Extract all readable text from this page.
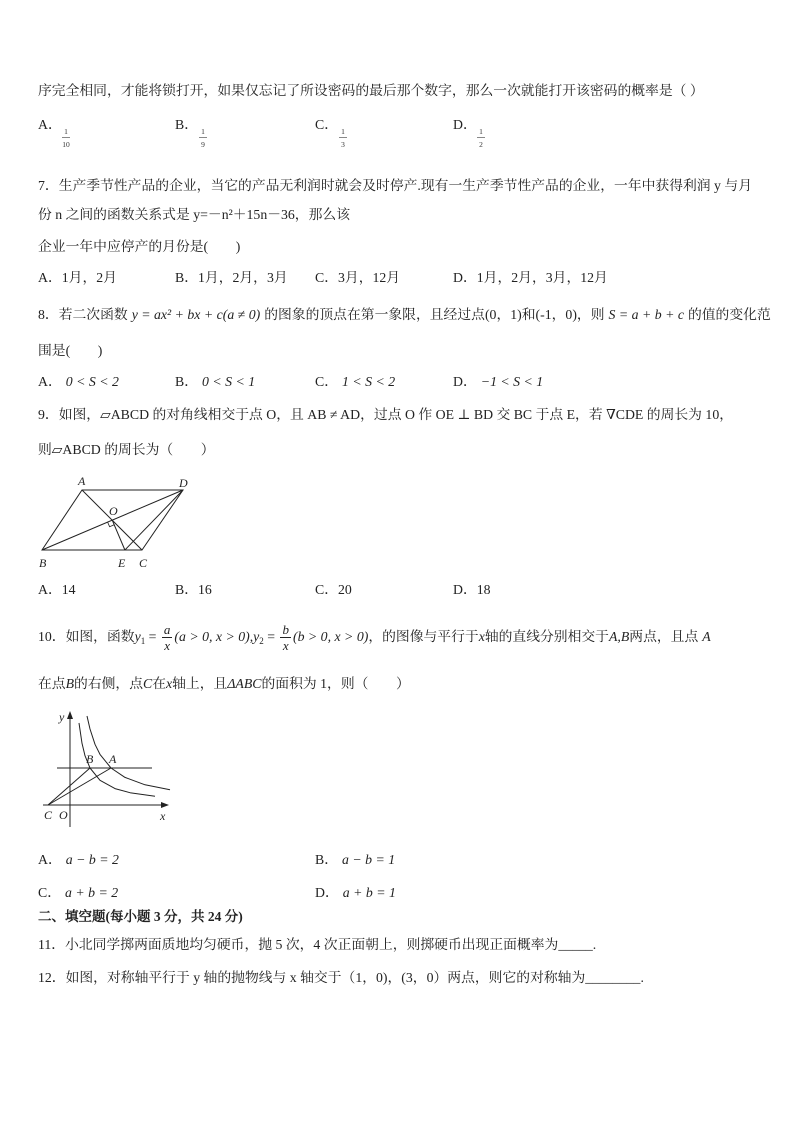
序完全相同，才能将锁打开，如果仅忘记了所设密码的最后那个数字，那么一次就能打开该密码的概率是（ ）
A．
$\frac{1}{10}$
B．
$\frac{1}{9}$
C．
$\frac{1}{3}$
D．
$\frac{1}{2}$
7．生产季节性产品的企业，当它的产品无利润时就会及时停产.现有一生产季节性产品的企业，一年中获得利润 y 与月
份 n 之间的函数关系式是 y=－n²＋15n－36，那么该
企业一年中应停产的月份是(　　)
A．1月，2月	B．1月，2月，3月 C．3月，12月	D．1月，2月，3月，12月
8．若二次函数 y = ax² + bx + c(a ≠ 0) 的图象的顶点在第一象限，且经过点(0，1)和(-1，0)，则 S = a + b + c 的值的变化范
围是(　　)
A． 0 < S < 2	B． 0 < S < 1	C． 1 < S < 2	D． −1 < S < 1
9．如图，▱ABCD 的对角线相交于点 O，且 AB ≠ AD，过点 O 作 OE ⊥ BD 交 BC 于点 E，若 ∇CDE 的周长为 10，
则▱ABCD 的周长为（　　）
A	D
O
B	E C
A．14	B．16	C．20	D．18
10．如图，函数$y_1 = \frac{a}{x} (a > 0$, $x > 0),y_2 = \frac{b}{x} (b > 0$, x > 0)，的图像与平行于x轴的直线分别相交于A,B两点，且点 A
在点B的右侧，点C在x轴上，且ΔABC的面积为 1，则（　　）
y
x
B A
C O
A． a − b = 2	B． a − b = 1
C． a + b = 2	D． a + b = 1
二、填空题(每小题 3 分，共 24 分)
11．小北同学掷两面质地均匀硬币，抛 5 次，4 次正面朝上，则掷硬币出现正面概率为_____.
12．如图，对称轴平行于 y 轴的抛物线与 x 轴交于（1，0)，(3，0）两点，则它的对称轴为________.
